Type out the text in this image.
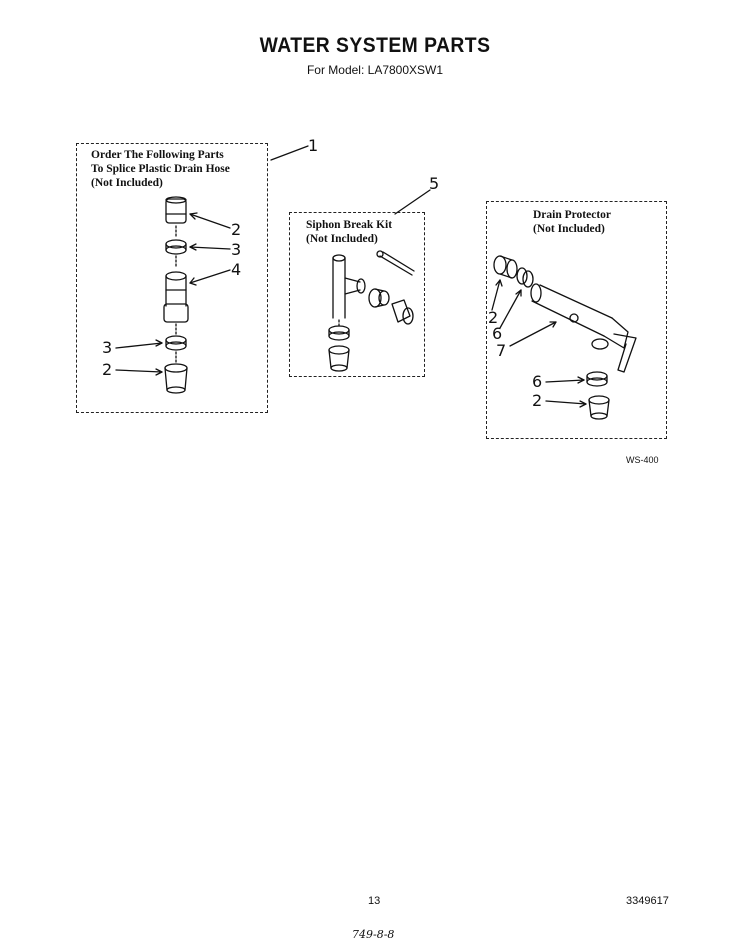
WATER SYSTEM PARTS
For Model: LA7800XSW1
Order The Following Parts
To Splice Plastic Drain Hose
(Not Included)
Siphon Break Kit
(Not Included)
Drain Protector
(Not Included)
1
5
2
3
4
3
2
2
6
7
6
2
WS-400
13	3349617
749-8-8
